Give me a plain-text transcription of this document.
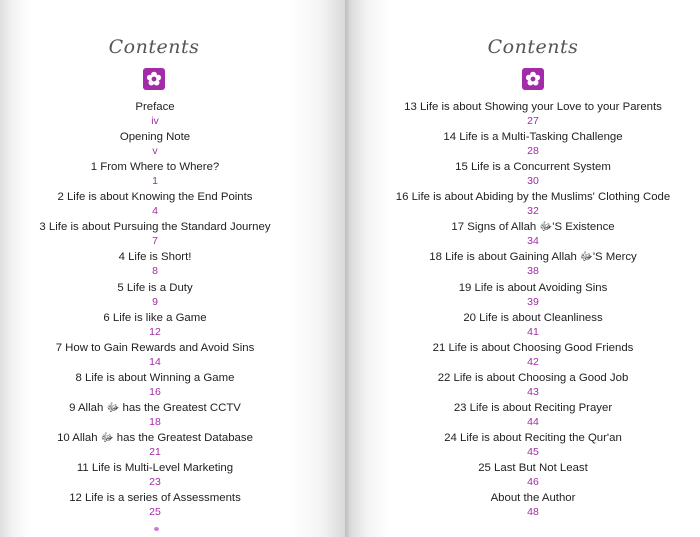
Contents
Preface
iv
Opening Note
v
1 From Where to Where?
1
2 Life is about Knowing the End Points
4
3 Life is about Pursuing the Standard Journey
7
4 Life is Short!
8
5 Life is a Duty
9
6 Life is like a Game
12
7 How to Gain Rewards and Avoid Sins
14
8 Life is about Winning a Game
16
9 Allah ﷻ has the Greatest CCTV
18
10 Allah ﷻ has the Greatest Database
21
11 Life is Multi-Level Marketing
23
12 Life is a series of Assessments
25
Contents
13 Life is about Showing your Love to your Parents
27
14 Life is a Multi-Tasking Challenge
28
15 Life is a Concurrent System
30
16 Life is about Abiding by the Muslims' Clothing Code
32
17 Signs of Allah ﷻ'S Existence
34
18 Life is about Gaining Allah ﷻ'S Mercy
38
19 Life is about Avoiding Sins
39
20 Life is about Cleanliness
41
21 Life is about Choosing Good Friends
42
22 Life is about Choosing a Good Job
43
23 Life is about Reciting Prayer
44
24 Life is about Reciting the Qur'an
45
25 Last But Not Least
46
About the Author
48
